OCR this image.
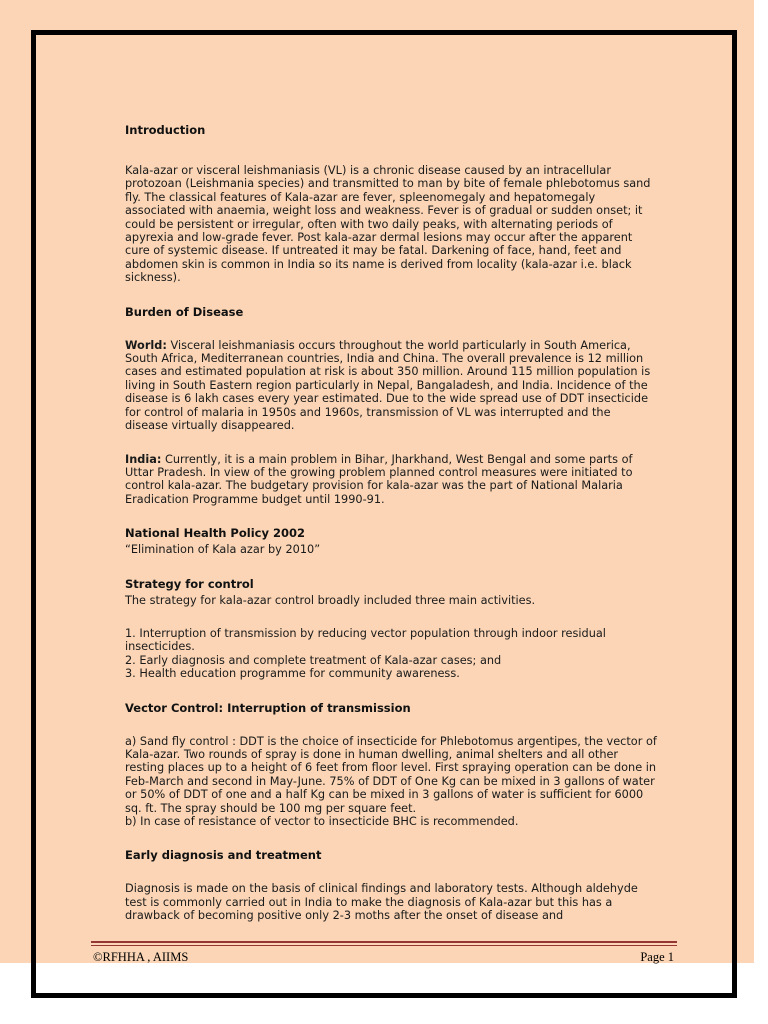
Introduction

Kala-azar or visceral leishmaniasis (VL) is a chronic disease caused by an intracellular protozoan (Leishmania species) and transmitted to man by bite of female phlebotomus sand fly. The classical features of Kala-azar are fever, spleenomegaly and hepatomegaly associated with anaemia, weight loss and weakness. Fever is of gradual or sudden onset; it could be persistent or irregular, often with two daily peaks, with alternating periods of apyrexia and low-grade fever. Post kala-azar dermal lesions may occur after the apparent cure of systemic disease. If untreated it may be fatal. Darkening of face, hand, feet and abdomen skin is common in India so its name is derived from locality (kala-azar i.e. black sickness).

Burden of Disease

World: Visceral leishmaniasis occurs throughout the world particularly in South America, South Africa, Mediterranean countries, India and China. The overall prevalence is 12 million cases and estimated population at risk is about 350 million. Around 115 million population is living in South Eastern region particularly in Nepal, Bangaladesh, and India. Incidence of the disease is 6 lakh cases every year estimated. Due to the wide spread use of DDT insecticide for control of malaria in 1950s and 1960s, transmission of VL was interrupted and the disease virtually disappeared.

India: Currently, it is a main problem in Bihar, Jharkhand, West Bengal and some parts of Uttar Pradesh. In view of the growing problem planned control measures were initiated to control kala-azar. The budgetary provision for kala-azar was the part of National Malaria Eradication Programme budget until 1990-91.

National Health Policy 2002

“Elimination of Kala azar by 2010”

Strategy for control

The strategy for kala-azar control broadly included three main activities.

1. Interruption of transmission by reducing vector population through indoor residual insecticides.

2. Early diagnosis and complete treatment of Kala-azar cases; and

3. Health education programme for community awareness.

Vector Control: Interruption of transmission

a) Sand fly control : DDT is the choice of insecticide for Phlebotomus argentipes, the vector of Kala-azar. Two rounds of spray is done in human dwelling, animal shelters and all other resting places up to a height of 6 feet from floor level. First spraying operation can be done in Feb-March and second in May-June. 75% of DDT of One Kg can be mixed in 3 gallons of water or 50% of DDT of one and a half Kg can be mixed in 3 gallons of water is sufficient for 6000 sq. ft. The spray should be 100 mg per square feet.

b) In case of resistance of vector to insecticide BHC is recommended.

Early diagnosis and treatment

Diagnosis is made on the basis of clinical findings and laboratory tests. Although aldehyde test is commonly carried out in India to make the diagnosis of Kala-azar but this has a drawback of becoming positive only 2-3 moths after the onset of disease and

©RFHHA , AIIMS	Page 1
